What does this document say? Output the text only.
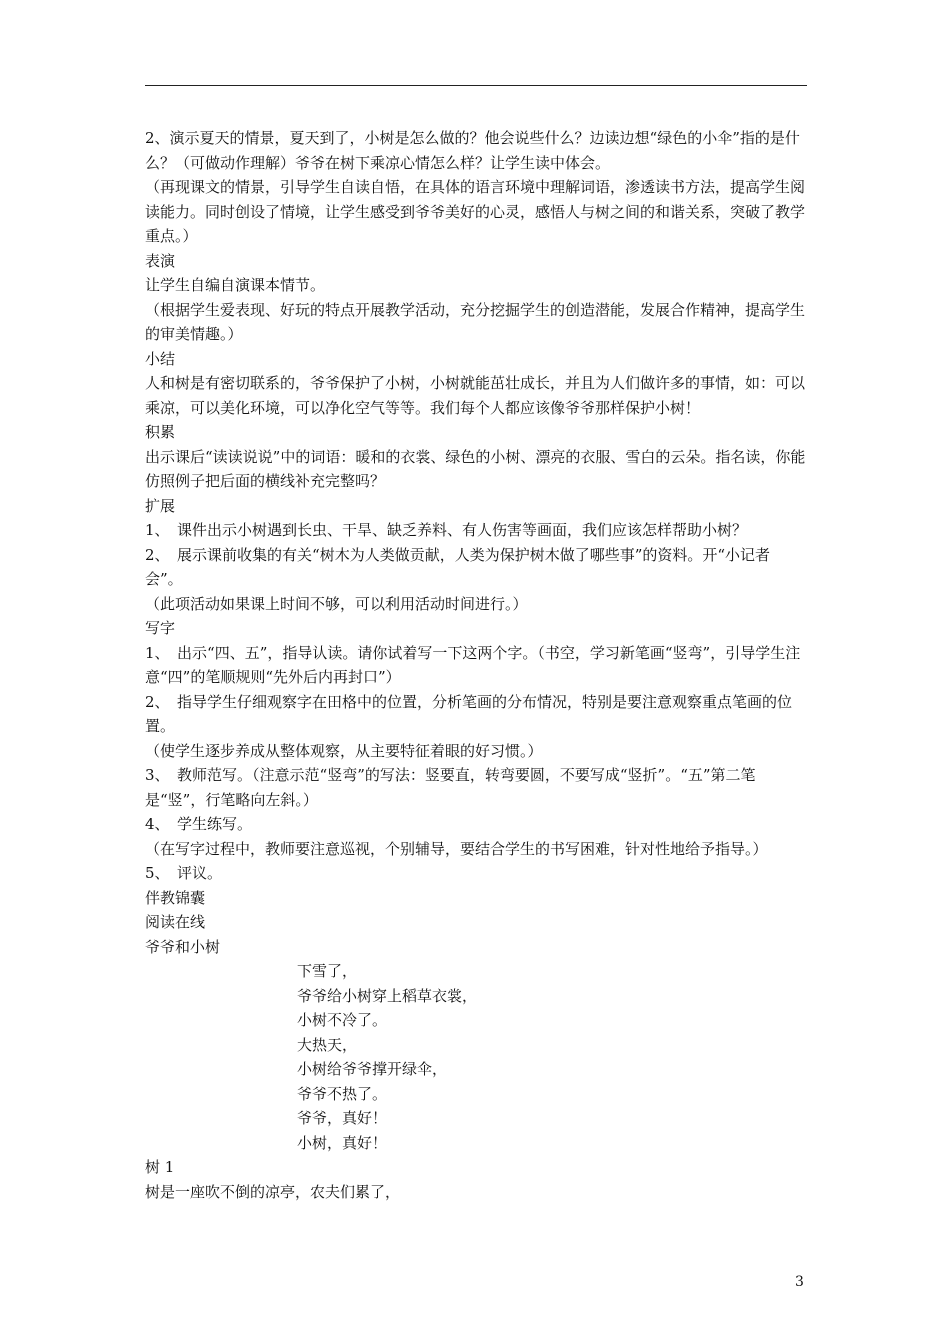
2、演示夏天的情景，夏天到了，小树是怎么做的？他会说些什么？边读边想“绿色的小伞”指的是什么？（可做动作理解）爷爷在树下乘凉心情怎么样？让学生读中体会。

（再现课文的情景，引导学生自读自悟，在具体的语言环境中理解词语，渗透读书方法，提高学生阅读能力。同时创设了情境，让学生感受到爷爷美好的心灵，感悟人与树之间的和谐关系，突破了教学重点。）

表演

让学生自编自演课本情节。

（根据学生爱表现、好玩的特点开展教学活动，充分挖掘学生的创造潜能，发展合作精神，提高学生的审美情趣。）

小结

人和树是有密切联系的，爷爷保护了小树，小树就能茁壮成长，并且为人们做许多的事情，如：可以乘凉，可以美化环境，可以净化空气等等。我们每个人都应该像爷爷那样保护小树！

积累

出示课后“读读说说”中的词语：暖和的衣裳、绿色的小树、漂亮的衣服、雪白的云朵。指名读，你能仿照例子把后面的横线补充完整吗？

扩展

1、　课件出示小树遇到长虫、干旱、缺乏养料、有人伤害等画面，我们应该怎样帮助小树？

2、　展示课前收集的有关“树木为人类做贡献，人类为保护树木做了哪些事”的资料。开“小记者会”。

（此项活动如果课上时间不够，可以利用活动时间进行。）

写字

1、　出示“四、五”，指导认读。请你试着写一下这两个字。（书空，学习新笔画“竖弯”，引导学生注意“四”的笔顺规则“先外后内再封口”）

2、　指导学生仔细观察字在田格中的位置，分析笔画的分布情况，特别是要注意观察重点笔画的位置。

（使学生逐步养成从整体观察，从主要特征着眼的好习惯。）

3、　教师范写。（注意示范“竖弯”的写法：竖要直，转弯要圆，不要写成“竖折”。“五”第二笔是“竖”，行笔略向左斜。）

4、　学生练写。

（在写字过程中，教师要注意巡视，个别辅导，要结合学生的书写困难，针对性地给予指导。）

5、　评议。

伴教锦囊

阅读在线

爷爷和小树

下雪了，

爷爷给小树穿上稻草衣裳，

小树不冷了。

大热天，

小树给爷爷撑开绿伞，

爷爷不热了。

爷爷，真好！

小树，真好！

树 1

树是一座吹不倒的凉亭，农夫们累了，

3
